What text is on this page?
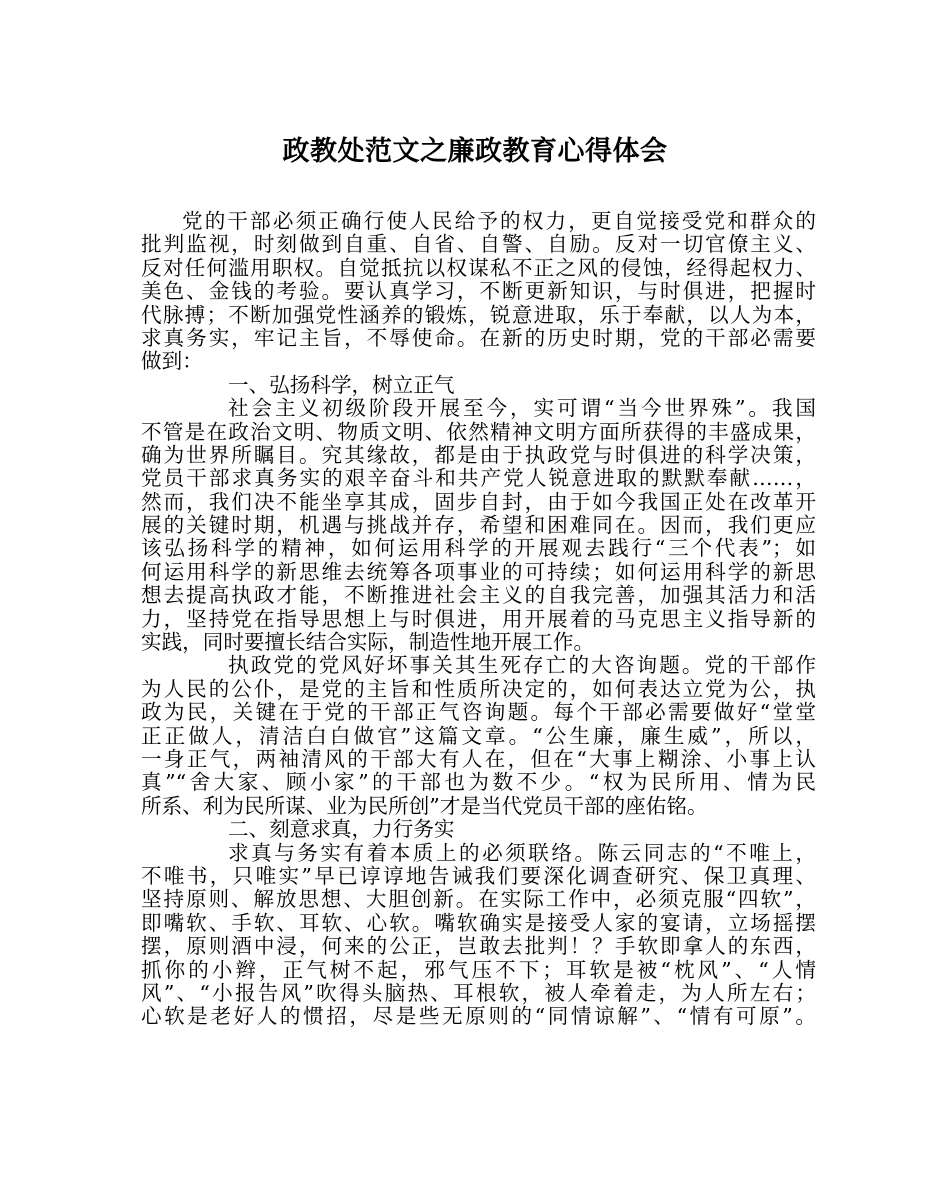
政教处范文之廉政教育心得体会
党的干部必须正确行使人民给予的权力，更自觉接受党和群众的
批判监视，时刻做到自重、自省、自警、自励。反对一切官僚主义、
反对任何滥用职权。自觉抵抗以权谋私不正之风的侵蚀，经得起权力、
美色、金钱的考验。要认真学习，不断更新知识，与时俱进，把握时
代脉搏；不断加强党性涵养的锻炼，锐意进取，乐于奉献，以人为本，
求真务实，牢记主旨，不辱使命。在新的历史时期，党的干部必需要
做到：
一、弘扬科学，树立正气
社会主义初级阶段开展至今，实可谓“当今世界殊”。我国
不管是在政治文明、物质文明、依然精神文明方面所获得的丰盛成果，
确为世界所瞩目。究其缘故，都是由于执政党与时俱进的科学决策，
党员干部求真务实的艰辛奋斗和共产党人锐意进取的默默奉献……，
然而，我们决不能坐享其成，固步自封，由于如今我国正处在改革开
展的关键时期，机遇与挑战并存，希望和困难同在。因而，我们更应
该弘扬科学的精神，如何运用科学的开展观去践行“三个代表”；如
何运用科学的新思维去统筹各项事业的可持续；如何运用科学的新思
想去提高执政才能，不断推进社会主义的自我完善，加强其活力和活
力，坚持党在指导思想上与时俱进，用开展着的马克思主义指导新的
实践，同时要擅长结合实际，制造性地开展工作。
执政党的党风好坏事关其生死存亡的大咨询题。党的干部作
为人民的公仆，是党的主旨和性质所决定的，如何表达立党为公，执
政为民，关键在于党的干部正气咨询题。每个干部必需要做好“堂堂
正正做人，清洁白白做官”这篇文章。“公生廉，廉生威”，所以，
一身正气，两袖清风的干部大有人在，但在“大事上糊涂、小事上认
真”“舍大家、顾小家”的干部也为数不少。“权为民所用、情为民
所系、利为民所谋、业为民所创”才是当代党员干部的座佑铭。
二、刻意求真，力行务实
求真与务实有着本质上的必须联络。陈云同志的“不唯上，
不唯书，只唯实”早已谆谆地告诫我们要深化调查研究、保卫真理、
坚持原则、解放思想、大胆创新。在实际工作中，必须克服“四软”，
即嘴软、手软、耳软、心软。嘴软确实是接受人家的宴请，立场摇摆
摆，原则酒中浸，何来的公正，岂敢去批判！？手软即拿人的东西，
抓你的小辫，正气树不起，邪气压不下；耳软是被“枕风”、“人情
风”、“小报告风”吹得头脑热、耳根软，被人牵着走，为人所左右；
心软是老好人的惯招，尽是些无原则的“同情谅解”、“情有可原”。
